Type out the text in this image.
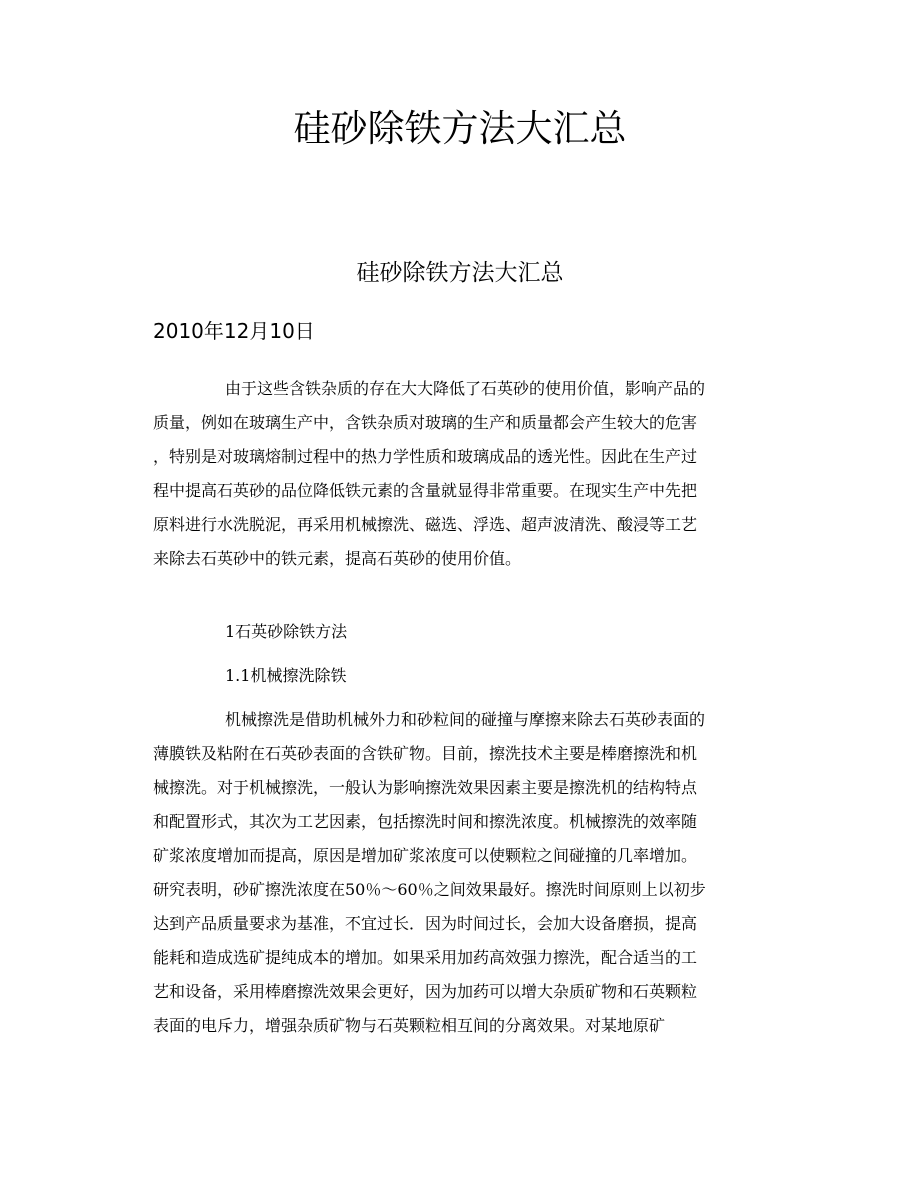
硅砂除铁方法大汇总
硅砂除铁方法大汇总
2010年12月10日
由于这些含铁杂质的存在大大降低了石英砂的使用价值，影响产品的
质量，例如在玻璃生产中，含铁杂质对玻璃的生产和质量都会产生较大的危害
，特别是对玻璃熔制过程中的热力学性质和玻璃成品的透光性。因此在生产过
程中提高石英砂的品位降低铁元素的含量就显得非常重要。在现实生产中先把
原料进行水洗脱泥，再采用机械擦洗、磁选、浮选、超声波清洗、酸浸等工艺
来除去石英砂中的铁元素，提高石英砂的使用价值。
1石英砂除铁方法
1.1机械擦洗除铁
机械擦洗是借助机械外力和砂粒间的碰撞与摩擦来除去石英砂表面的
薄膜铁及粘附在石英砂表面的含铁矿物。目前，擦洗技术主要是棒磨擦洗和机
械擦洗。对于机械擦洗，一般认为影响擦洗效果因素主要是擦洗机的结构特点
和配置形式，其次为工艺因素，包括擦洗时间和擦洗浓度。机械擦洗的效率随
矿浆浓度增加而提高，原因是增加矿浆浓度可以使颗粒之间碰撞的几率增加。
研究表明，砂矿擦洗浓度在50％～60％之间效果最好。擦洗时间原则上以初步
达到产品质量要求为基准，不宜过长．因为时间过长，会加大设备磨损，提高
能耗和造成选矿提纯成本的增加。如果采用加药高效强力擦洗，配合适当的工
艺和设备，采用棒磨擦洗效果会更好，因为加药可以增大杂质矿物和石英颗粒
表面的电斥力，增强杂质矿物与石英颗粒相互间的分离效果。对某地原矿
